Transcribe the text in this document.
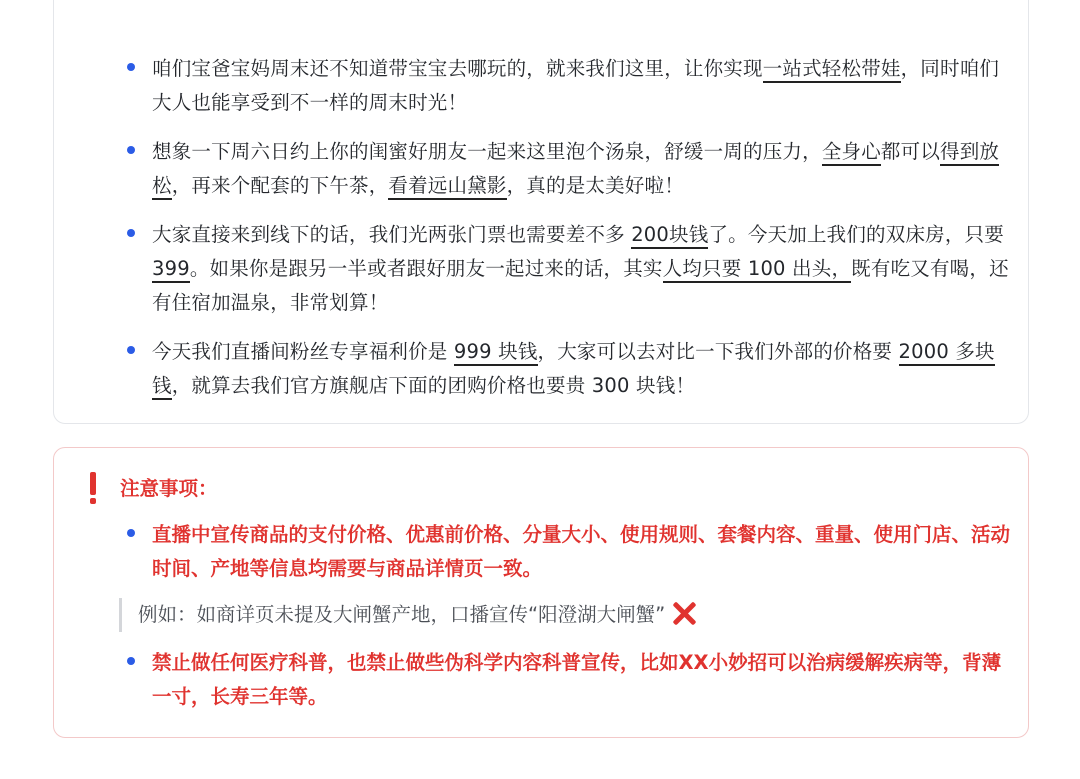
咱们宝爸宝妈周末还不知道带宝宝去哪玩的，就来我们这里，让你实现一站式轻松带娃，同时咱们大人也能享受到不一样的周末时光！
想象一下周六日约上你的闺蜜好朋友一起来这里泡个汤泉，舒缓一周的压力，全身心都可以得到放松，再来个配套的下午茶，看着远山黛影，真的是太美好啦！
大家直接来到线下的话，我们光两张门票也需要差不多 200块钱了。今天加上我们的双床房，只要 399。如果你是跟另一半或者跟好朋友一起过来的话，其实人均只要 100 出头，既有吃又有喝，还有住宿加温泉，非常划算！
今天我们直播间粉丝专享福利价是 999 块钱，大家可以去对比一下我们外部的价格要 2000 多块钱，就算去我们官方旗舰店下面的团购价格也要贵 300 块钱！
注意事项：
直播中宣传商品的支付价格、优惠前价格、分量大小、使用规则、套餐内容、重量、使用门店、活动时间、产地等信息均需要与商品详情页一致。
例如：如商详页未提及大闸蟹产地，口播宣传“阳澄湖大闸蟹”
禁止做任何医疗科普，也禁止做些伪科学内容科普宣传，比如XX小妙招可以治病缓解疾病等，背薄一寸，长寿三年等。
